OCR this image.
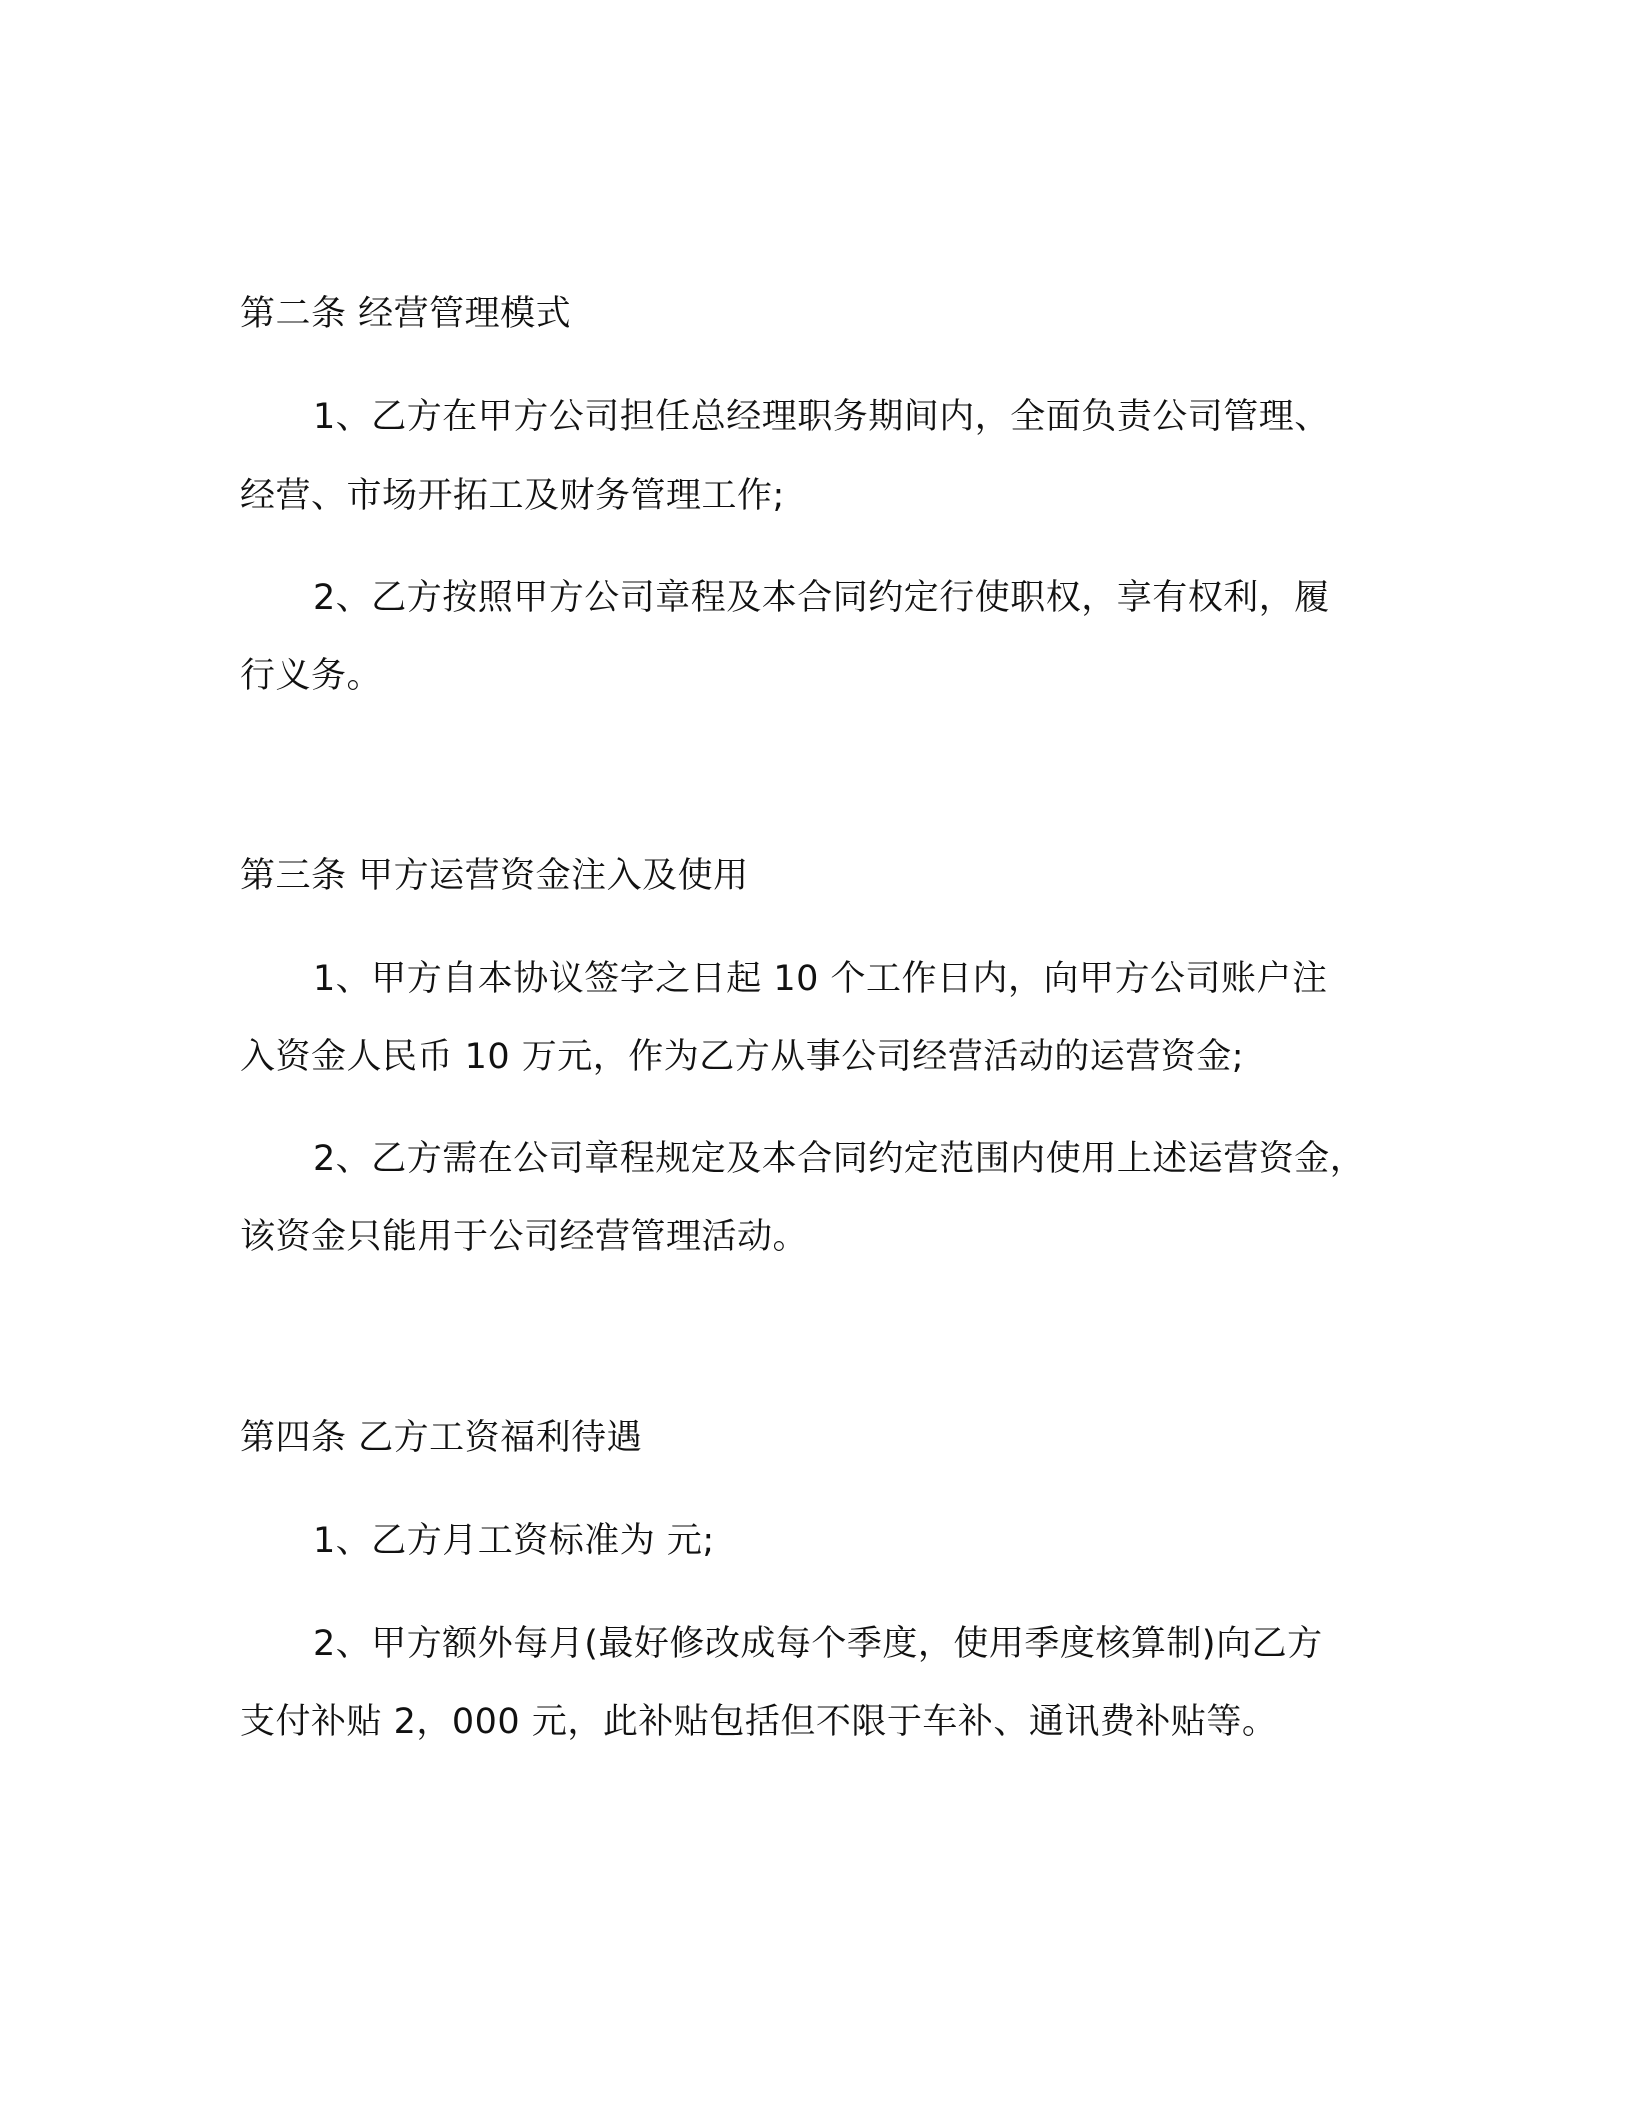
第二条 经营管理模式
1、乙方在甲方公司担任总经理职务期间内，全面负责公司管理、
经营、市场开拓工及财务管理工作;
2、乙方按照甲方公司章程及本合同约定行使职权，享有权利，履
行义务。
第三条 甲方运营资金注入及使用
1、甲方自本协议签字之日起 10 个工作日内，向甲方公司账户注
入资金人民币 10 万元，作为乙方从事公司经营活动的运营资金;
2、乙方需在公司章程规定及本合同约定范围内使用上述运营资金，
该资金只能用于公司经营管理活动。
第四条 乙方工资福利待遇
1、乙方月工资标准为 元;
2、甲方额外每月(最好修改成每个季度，使用季度核算制)向乙方
支付补贴 2，000 元，此补贴包括但不限于车补、通讯费补贴等。
